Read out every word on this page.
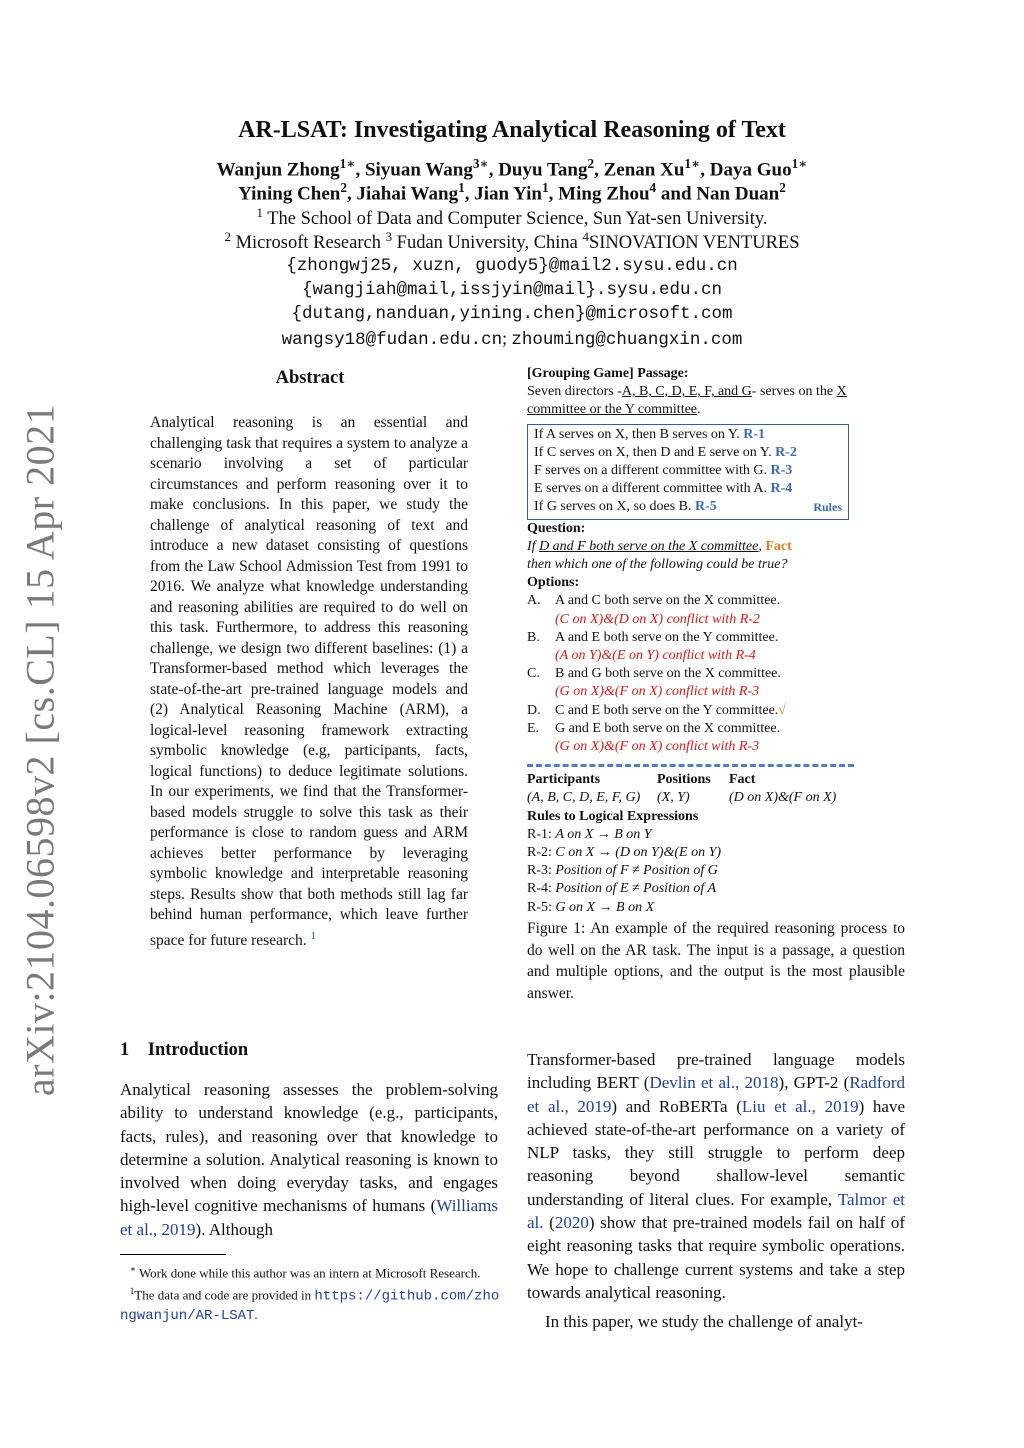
arXiv:2104.06598v2 [cs.CL] 15 Apr 2021
AR-LSAT: Investigating Analytical Reasoning of Text
Wanjun Zhong$^{1∗}$, Siyuan Wang$^{3∗}$, Duyu Tang$^2$, Zenan $Xu^{1∗}$, Daya Guo$^{1∗}$
Yining Chen$^2$, Jiahai Wang$^1$, Jian Yin$^1$, Ming Zhou$^4$ and Nan Duan$^2$
$^1$ The School of Data and Computer Science, Sun Yat-sen University.
$^2$ Microsoft Research $^3$ Fudan University, China $^4$SINOVATION VENTURES
{zhongwj25, xuzn, guody5}@mail2.sysu.edu.cn
{wangjiah@mail,issjyin@mail}.sysu.edu.cn
{dutang,nanduan,yining.chen}@microsoft.com
wangsy18@fudan.edu.cn; zhouming@chuangxin.com
Abstract
Analytical reasoning is an essential and challenging task that requires a system to analyze a scenario involving a set of particular circumstances and perform reasoning over it to make conclusions. In this paper, we study the challenge of analytical reasoning of text and introduce a new dataset consisting of questions from the Law School Admission Test from 1991 to 2016. We analyze what knowledge understanding and reasoning abilities are required to do well on this task. Furthermore, to address this reasoning challenge, we design two different baselines: (1) a Transformer-based method which leverages the state-of-the-art pre-trained language models and (2) Analytical Reasoning Machine (ARM), a logical-level reasoning framework extracting symbolic knowledge (e.g, participants, facts, logical functions) to deduce legitimate solutions. In our experiments, we find that the Transformer-based models struggle to solve this task as their performance is close to random guess and ARM achieves better performance by leveraging symbolic knowledge and interpretable reasoning steps. Results show that both methods still lag far behind human performance, which leave further space for future research. $^1$
1 Introduction
Analytical reasoning assesses the problem-solving ability to understand knowledge (e.g., participants, facts, rules), and reasoning over that knowledge to determine a solution. Analytical reasoning is known to involved when doing everyday tasks, and engages high-level cognitive mechanisms of humans (Williams et al., 2019). Although
∗ Work done while this author was an intern at Microsoft Research.
$^1$The data and code are provided in https://github.com/zhongwanjun/AR-LSAT.
[Grouping Game] Passage:
Seven directors -A, B, C, D, E, F, and G- serves on the X committee or the Y committee.
If A serves on X, then B serves on Y. R-1
If C serves on X, then D and E serve on Y. R-2
F serves on a different committee with G. R-3
E serves on a different committee with A. R-4
If G serves on X, so does B. R-5	Rules
Question:
If D and F both serve on the X committee, Fact
then which one of the following could be true?
Options:
A.	A and C both serve on the X committee.
(C on X)&(D on X) conflict with R-2
B.	A and E both serve on the Y committee.
(A on Y)&(E on Y) conflict with R-4
C.	B and G both serve on the X committee.
(G on X)&(F on X) conflict with R-3
D.	C and E both serve on the Y committee. √
E.	G and E both serve on the X committee.
(G on X)&(F on X) conflict with R-3
Participants	Positions	Fact
(A, B, C, D, E, F, G)	(X, Y)	(D on X)&(F on X)
Rules to Logical Expressions
R-1: A on X → B on Y
R-2: C on X → (D on Y)&(E on Y)
R-3: Position of F ≠ Position of G
R-4: Position of E ≠ Position of A
R-5: G on X → B on X
Figure 1: An example of the required reasoning process to do well on the AR task. The input is a passage, a question and multiple options, and the output is the most plausible answer.
Transformer-based pre-trained language models including BERT (Devlin et al., 2018), GPT-2 (Radford et al., 2019) and RoBERTa (Liu et al., 2019) have achieved state-of-the-art performance on a variety of NLP tasks, they still struggle to perform deep reasoning beyond shallow-level semantic understanding of literal clues. For example, Talmor et al. (2020) show that pre-trained models fail on half of eight reasoning tasks that require symbolic operations. We hope to challenge current systems and take a step towards analytical reasoning.
In this paper, we study the challenge of analyt-
